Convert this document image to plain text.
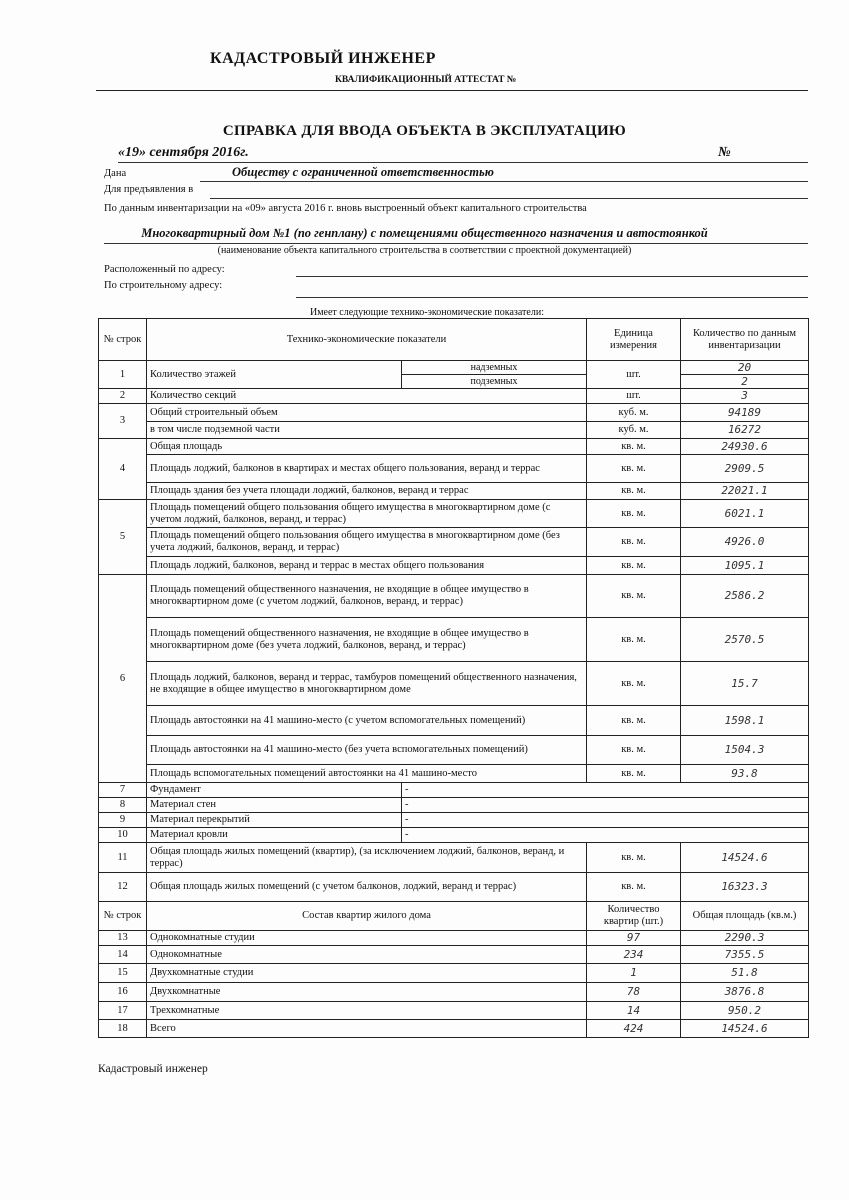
КАДАСТРОВЫЙ ИНЖЕНЕР
КВАЛИФИКАЦИОННЫЙ АТТЕСТАТ №
СПРАВКА ДЛЯ ВВОДА ОБЪЕКТА В ЭКСПЛУАТАЦИЮ
«19» сентября 2016г.	№
Дана	Обществу с ограниченной ответственностью
Для предъявления в
По данным инвентаризации на «09» августа 2016 г. вновь выстроенный объект капитального строительства
Многоквартирный дом №1 (по генплану) с помещениями общественного назначения и автостоянкой
(наименование объекта капитального строительства в соответствии с проектной документацией)
Расположенный по адресу:
По строительному адресу:
Имеет следующие технико-экономические показатели:
№ строк	Технико-экономические показатели		Единица измерения	Количество по данным инвентаризации
1	Количество этажей	надземных	шт.	20
		подземных		2
2	Количество секций		шт.	3
3	Общий строительный объем		куб. м.	94189
	в том числе подземной части		куб. м.	16272
4	Общая площадь		кв. м.	24930.6
	Площадь лоджий, балконов в квартирах и местах общего пользования, веранд и террас		кв. м.	2909.5
	Площадь здания без учета площади лоджий, балконов, веранд и террас		кв. м.	22021.1
5	Площадь помещений общего пользования общего имущества в многоквартирном доме (с учетом лоджий, балконов, веранд, и террас)		кв. м.	6021.1
	Площадь помещений общего пользования общего имущества в многоквартирном доме (без учета лоджий, балконов, веранд, и террас)		кв. м.	4926.0
	Площадь лоджий, балконов, веранд и террас в местах общего пользования		кв. м.	1095.1
6	Площадь помещений общественного назначения, не входящие в общее имущество в многоквартирном доме (с учетом лоджий, балконов, веранд, и террас)		кв. м.	2586.2
	Площадь помещений общественного назначения, не входящие в общее имущество в многоквартирном доме (без учета лоджий, балконов, веранд, и террас)		кв. м.	2570.5
	Площадь лоджий, балконов, веранд и террас, тамбуров помещений общественного назначения, не входящие в общее имущество в многоквартирном доме		кв. м.	15.7
	Площадь автостоянки на 41 машино-место (с учетом вспомогательных помещений)		кв. м.	1598.1
	Площадь автостоянки на 41 машино-место (без учета вспомогательных помещений)		кв. м.	1504.3
	Площадь вспомогательных помещений автостоянки на 41 машино-место		кв. м.	93.8
7	Фундамент	-		
8	Материал стен	-		
9	Материал перекрытий	-		
10	Материал кровли	-		
11	Общая площадь жилых помещений (квартир), (за исключением лоджий, балконов, веранд, и террас)		кв. м.	14524.6
12	Общая площадь жилых помещений (с учетом балконов, лоджий, веранд и террас)		кв. м.	16323.3
№ строк	Состав квартир жилого дома		Количество квартир (шт.)	Общая площадь (кв.м.)
13	Однокомнатные студии		97	2290.3
14	Однокомнатные		234	7355.5
15	Двухкомнатные студии		1	51.8
16	Двухкомнатные		78	3876.8
17	Трехкомнатные		14	950.2
18	Всего		424	14524.6
Кадастровый инженер
